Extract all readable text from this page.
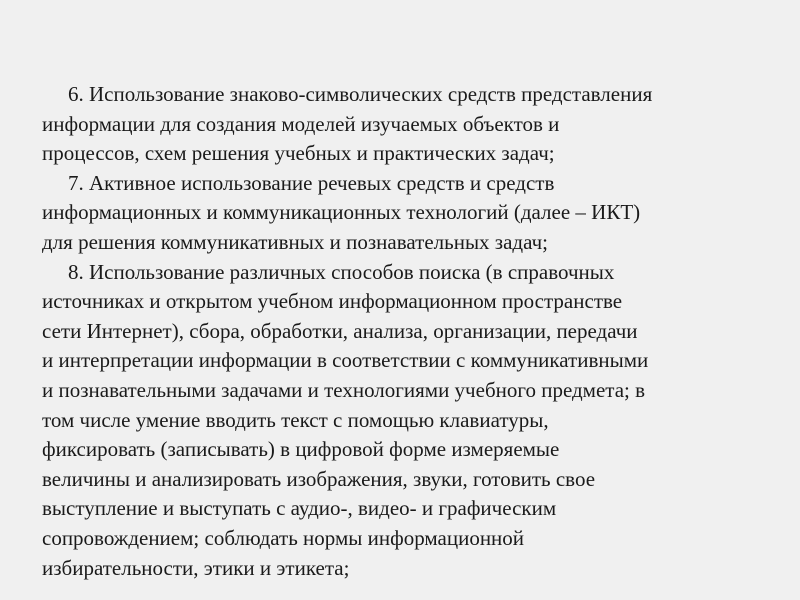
6. Использование знаково-символических средств представления
информации для создания моделей изучаемых объектов и
процессов, схем решения учебных и практических задач;
7. Активное использование речевых средств и средств
информационных и коммуникационных технологий (далее – ИКТ)
для решения коммуникативных и познавательных задач;
8. Использование различных способов поиска (в справочных
источниках и открытом учебном информационном пространстве
сети Интернет), сбора, обработки, анализа, организации, передачи
и интерпретации информации в соответствии с коммуникативными
и познавательными задачами и технологиями учебного предмета; в
том числе умение вводить текст с помощью клавиатуры,
фиксировать (записывать) в цифровой форме измеряемые
величины и анализировать изображения, звуки, готовить свое
выступление и выступать с аудио-, видео- и графическим
сопровождением; соблюдать нормы информационной
избирательности, этики и этикета;
